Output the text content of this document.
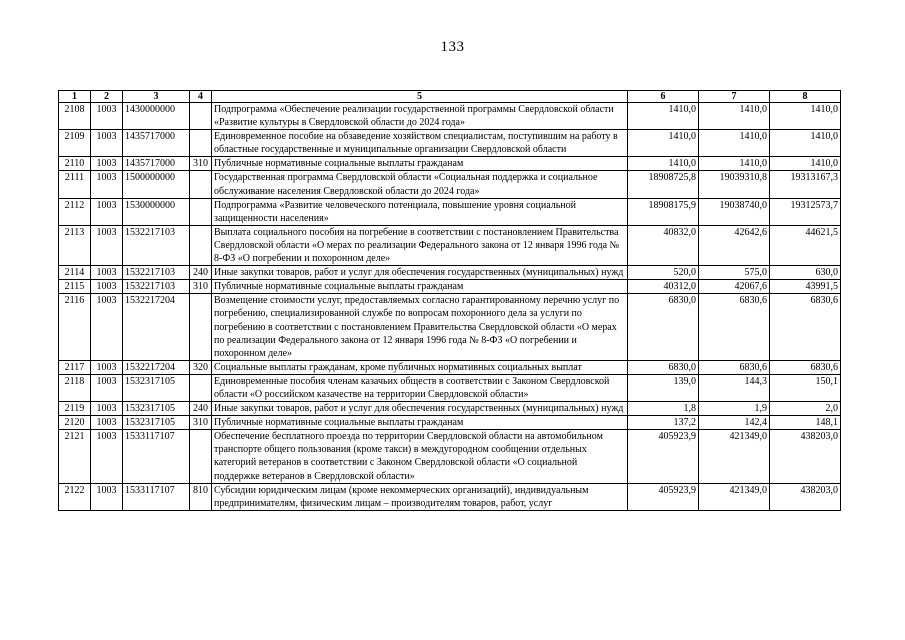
133
1	2	3	4	5	6	7	8
2108	1003	1430000000		Подпрограмма «Обеспечение реализации государственной программы Свердловской области «Развитие культуры в Свердловской области до 2024 года»	1410,0	1410,0	1410,0
2109	1003	1435717000		Единовременное пособие на обзаведение хозяйством специалистам, поступившим на работу в областные государственные и муниципальные организации Свердловской области	1410,0	1410,0	1410,0
2110	1003	1435717000	310	Публичные нормативные социальные выплаты гражданам	1410,0	1410,0	1410,0
2111	1003	1500000000		Государственная программа Свердловской области «Социальная поддержка и социальное обслуживание населения Свердловской области до 2024 года»	18908725,8	19039310,8	19313167,3
2112	1003	1530000000		Подпрограмма «Развитие человеческого потенциала, повышение уровня социальной защищенности населения»	18908175,9	19038740,0	19312573,7
2113	1003	1532217103		Выплата социального пособия на погребение в соответствии с постановлением Правительства Свердловской области «О мерах по реализации Федерального закона от 12 января 1996 года № 8-ФЗ «О погребении и похоронном деле»	40832,0	42642,6	44621,5
2114	1003	1532217103	240	Иные закупки товаров, работ и услуг для обеспечения государственных (муниципальных) нужд	520,0	575,0	630,0
2115	1003	1532217103	310	Публичные нормативные социальные выплаты гражданам	40312,0	42067,6	43991,5
2116	1003	1532217204		Возмещение стоимости услуг, предоставляемых согласно гарантированному перечню услуг по погребению, специализированной службе по вопросам похоронного дела за услуги по погребению в соответствии с постановлением Правительства Свердловской области «О мерах по реализации Федерального закона от 12 января 1996 года № 8-ФЗ «О погребении и похоронном деле»	6830,0	6830,6	6830,6
2117	1003	1532217204	320	Социальные выплаты гражданам, кроме публичных нормативных социальных выплат	6830,0	6830,6	6830,6
2118	1003	1532317105		Единовременные пособия членам казачьих обществ в соответствии с Законом Свердловской области «О российском казачестве на территории Свердловской области»	139,0	144,3	150,1
2119	1003	1532317105	240	Иные закупки товаров, работ и услуг для обеспечения государственных (муниципальных) нужд	1,8	1,9	2,0
2120	1003	1532317105	310	Публичные нормативные социальные выплаты гражданам	137,2	142,4	148,1
2121	1003	1533117107		Обеспечение бесплатного проезда по территории Свердловской области на автомобильном транспорте общего пользования (кроме такси) в междугородном сообщении отдельных категорий ветеранов в соответствии с Законом Свердловской области «О социальной поддержке ветеранов в Свердловской области»	405923,9	421349,0	438203,0
2122	1003	1533117107	810	Субсидии юридическим лицам (кроме некоммерческих организаций), индивидуальным предпринимателям, физическим лицам – производителям товаров, работ, услуг	405923,9	421349,0	438203,0
